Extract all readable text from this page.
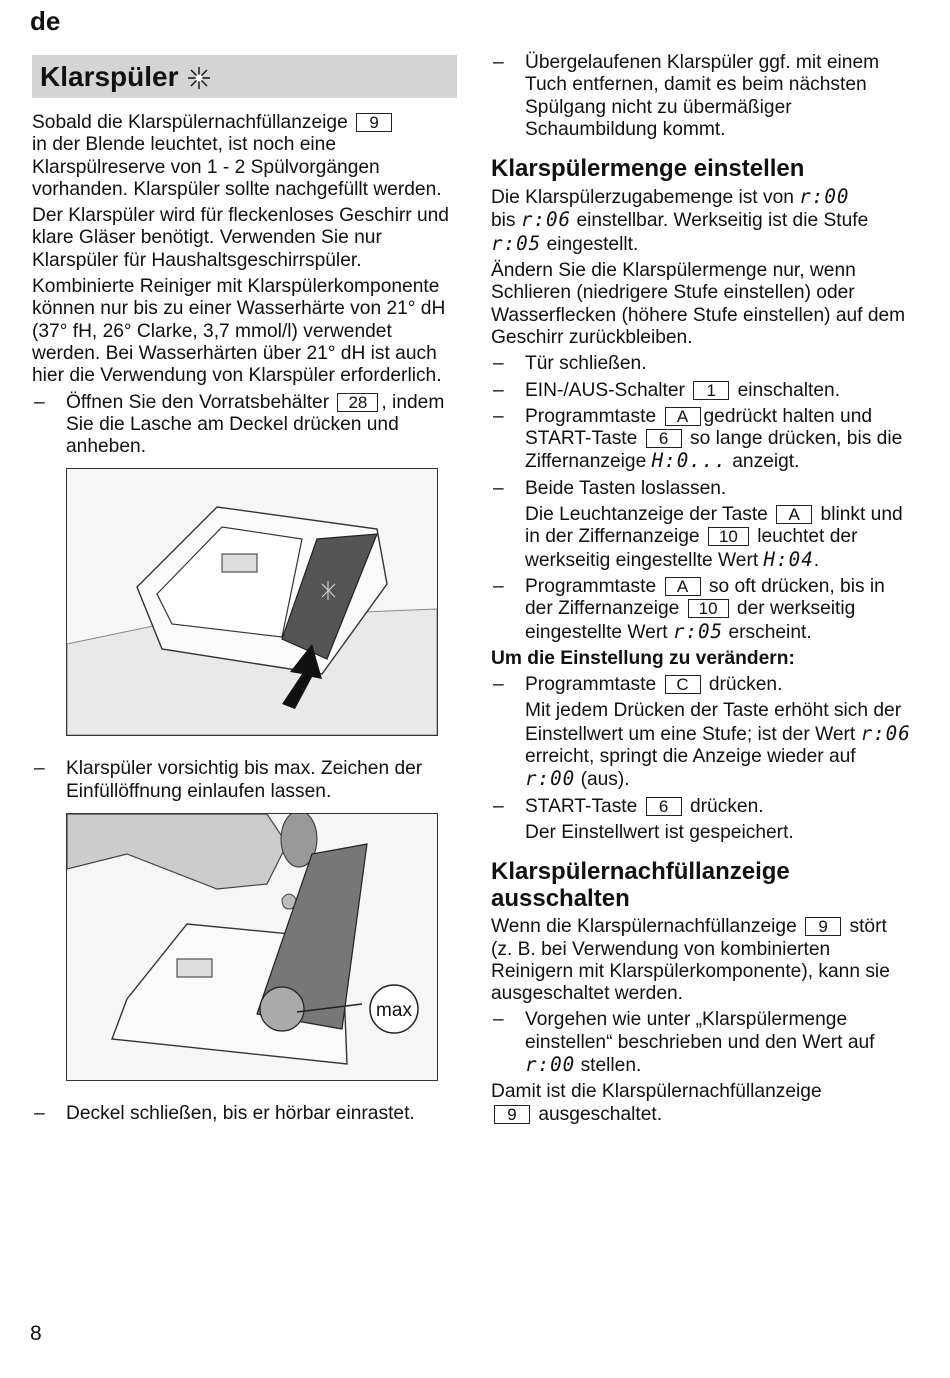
de
Klarspüler

Sobald die Klarspülernachfüllanzeige 9
in der Blende leuchtet, ist noch eine Klarspülreserve von 1 - 2 Spülvorgängen vorhanden. Klarspüler sollte nachgefüllt werden.

Der Klarspüler wird für fleckenloses Geschirr und klare Gläser benötigt. Verwenden Sie nur Klarspüler für Haushaltsgeschirrspüler.

Kombinierte Reiniger mit Klarspülerkomponente können nur bis zu einer Wasserhärte von 21° dH (37° fH, 26° Clarke, 3,7 mmol/l) verwendet werden. Bei Wasserhärten über 21° dH ist auch hier die Verwendung von Klarspüler erforderlich.

– Öffnen Sie den Vorratsbehälter 28 , indem Sie die Lasche am Deckel drücken und anheben.
– Klarspüler vorsichtig bis max. Zeichen der Einfüllöffnung einlaufen lassen.
max
– Deckel schließen, bis er hörbar einrastet.
– Übergelaufenen Klarspüler ggf. mit einem Tuch entfernen, damit es beim nächsten Spülgang nicht zu übermäßiger Schaumbildung kommt.
Klarspülermenge einstellen

Die Klarspülerzugabemenge ist von r:00
bis r:06 einstellbar. Werkseitig ist die Stufe r:05 eingestellt.

Ändern Sie die Klarspülermenge nur, wenn Schlieren (niedrigere Stufe einstellen) oder Wasserflecken (höhere Stufe einstellen) auf dem Geschirr zurückbleiben.

– Tür schließen.
– EIN-/AUS-Schalter 1 einschalten.
– Programmtaste A gedrückt halten und START-Taste 6 so lange drücken, bis die Ziffernanzeige H:0... anzeigt.
– Beide Tasten loslassen.
Die Leuchtanzeige der Taste A blinkt und in der Ziffernanzeige 10 leuchtet der werkseitig eingestellte Wert H:04.
– Programmtaste A so oft drücken, bis in der Ziffernanzeige 10 der werkseitig eingestellte Wert r:05 erscheint.
Um die Einstellung zu verändern:
– Programmtaste C drücken.
Mit jedem Drücken der Taste erhöht sich der Einstellwert um eine Stufe; ist der Wert r:06 erreicht, springt die Anzeige wieder auf r:00 (aus).
– START-Taste 6 drücken.
Der Einstellwert ist gespeichert.
Klarspülernachfüllanzeige ausschalten

Wenn die Klarspülernachfüllanzeige 9 stört (z. B. bei Verwendung von kombinierten Reinigern mit Klarspülerkomponente), kann sie ausgeschaltet werden.

– Vorgehen wie unter „Klarspülermenge einstellen“ beschrieben und den Wert auf r:00 stellen.

Damit ist die Klarspülernachfüllanzeige
9 ausgeschaltet.

8
